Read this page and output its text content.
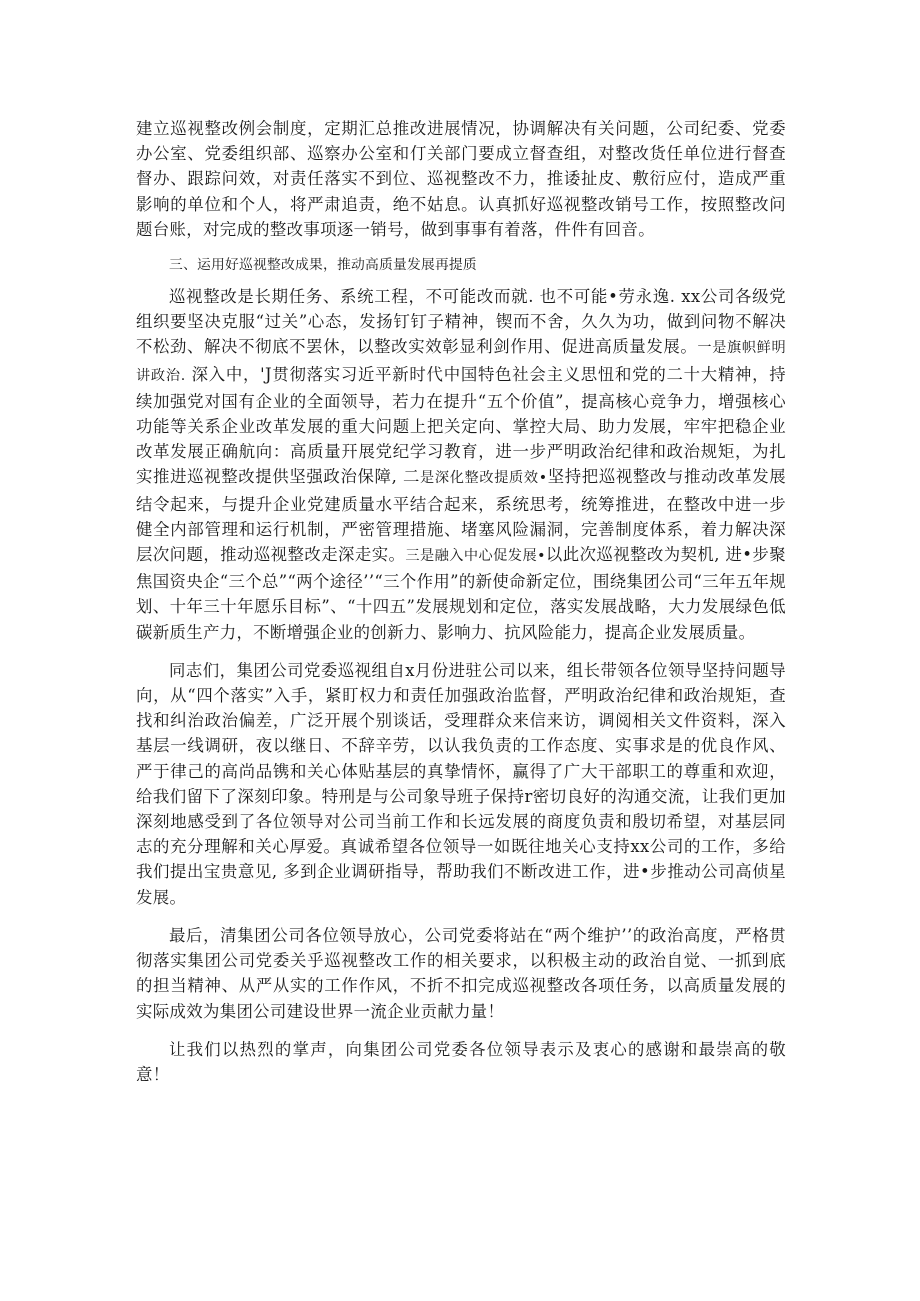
建立巡视整改例会制度，定期汇总推改进展情况，协调解决有关问题，公司纪委、党委办公室、党委组织部、巡察办公室和仃关部门要成立督查组，对整改货任单位进行督查督办、跟踪问效，对责任落实不到位、巡视整改不力，推诿扯皮、敷衍应付，造成严重影响的单位和个人，将严肃追责，绝不姑息。认真抓好巡视整改销号工作，按照整改问题台账，对完成的整改事项逐一销号，做到事事有着落，件件有回音。

三、运用好巡视整改成果，推动高质量发展再提质

巡视整改是长期任务、系统工程，不可能改而就. 也不可能•劳永逸. xx公司各级党组织要坚决克服“过关”心态，发扬钉钉子精神，锲而不舍，久久为功，做到问物不解决不松劲、解决不彻底不罢休，以整改实效彰显利剑作用、促进高质量发展。一是旗帜鲜明讲政治. 深入中，'J贯彻落实习近平新时代中国特色社会主义思忸和党的二十大精神，持续加强党对国有企业的全面领导，若力在提升“五个价值”，提高核心竞争力，增强核心功能等关系企业改革发展的重大问题上把关定向、掌控大局、助力发展，牢牢把稳企业改革发展正确航向：高质量幵展党纪学习教育，进一步严明政治纪律和政治规矩，为扎实推进巡视整改提供坚强政治保障, 二是深化整改提质效•坚持把巡视整改与推动改革发展结令起来，与提升企业党建质量水平结合起来，系统思考，统筹推进，在整改中进一步健全内部管理和运行机制，严密管理措施、堵塞风险漏洞，完善制度体系，着力解决深层次问题，推动巡视整改走深走实。三是融入中心促发展•以此次巡视整改为契机, 进•步聚焦国资央企“三个总”“两个途径’’“三个作用”的新使命新定位，围绕集团公司“三年五年规划、十年三十年愿乐目标”、“十四五”发展规划和定位，落实发展战略，大力发展绿色低碳新质生产力，不断增强企业的创新力、影响力、抗风险能力，提高企业发展质量。

同志们，集团公司党委巡视组自x月份进驻公司以来，组长带领各位领导坚持问题导向，从“四个落实”入手，紧盯权力和责任加强政治监督，严明政治纪律和政治规矩，查找和纠治政治偏差，广泛开展个别谈话，受理群众来信来访，调阅相关文件资料，深入基层一线调研，夜以继日、不辞辛劳，以认我负责的工作态度、实事求是的优良作风、严于律己的高尚品镌和关心体贴基层的真挚情怀，赢得了广大干部职工的尊重和欢迎，给我们留下了深刻印象。特刑是与公司象导班子保持r密切良好的沟通交流，让我们更加深刻地感受到了各位领导对公司当前工作和长远发展的商度负责和殷切希望，对基层同志的充分理解和关心厚爱。真诚希望各位领导一如既往地关心支持xx公司的工作，多给我们提出宝贵意见, 多到企业调研指导，帮助我们不断改进工作，进•步推动公司高侦星发展。

最后，清集团公司各位领导放心，公司党委将站在“两个维护’’的政治高度，严格贯彻落实集团公司党委关乎巡视整改工作的相关要求，以积极主动的政治自觉、一抓到底的担当精神、从严从实的工作作风，不折不扣完成巡视整改各项任务，以高质量发展的实际成效为集团公司建设世界一流企业贡献力量！

让我们以热烈的掌声，向集团公司党委各位领导表示及衷心的感谢和最崇高的敬意！
